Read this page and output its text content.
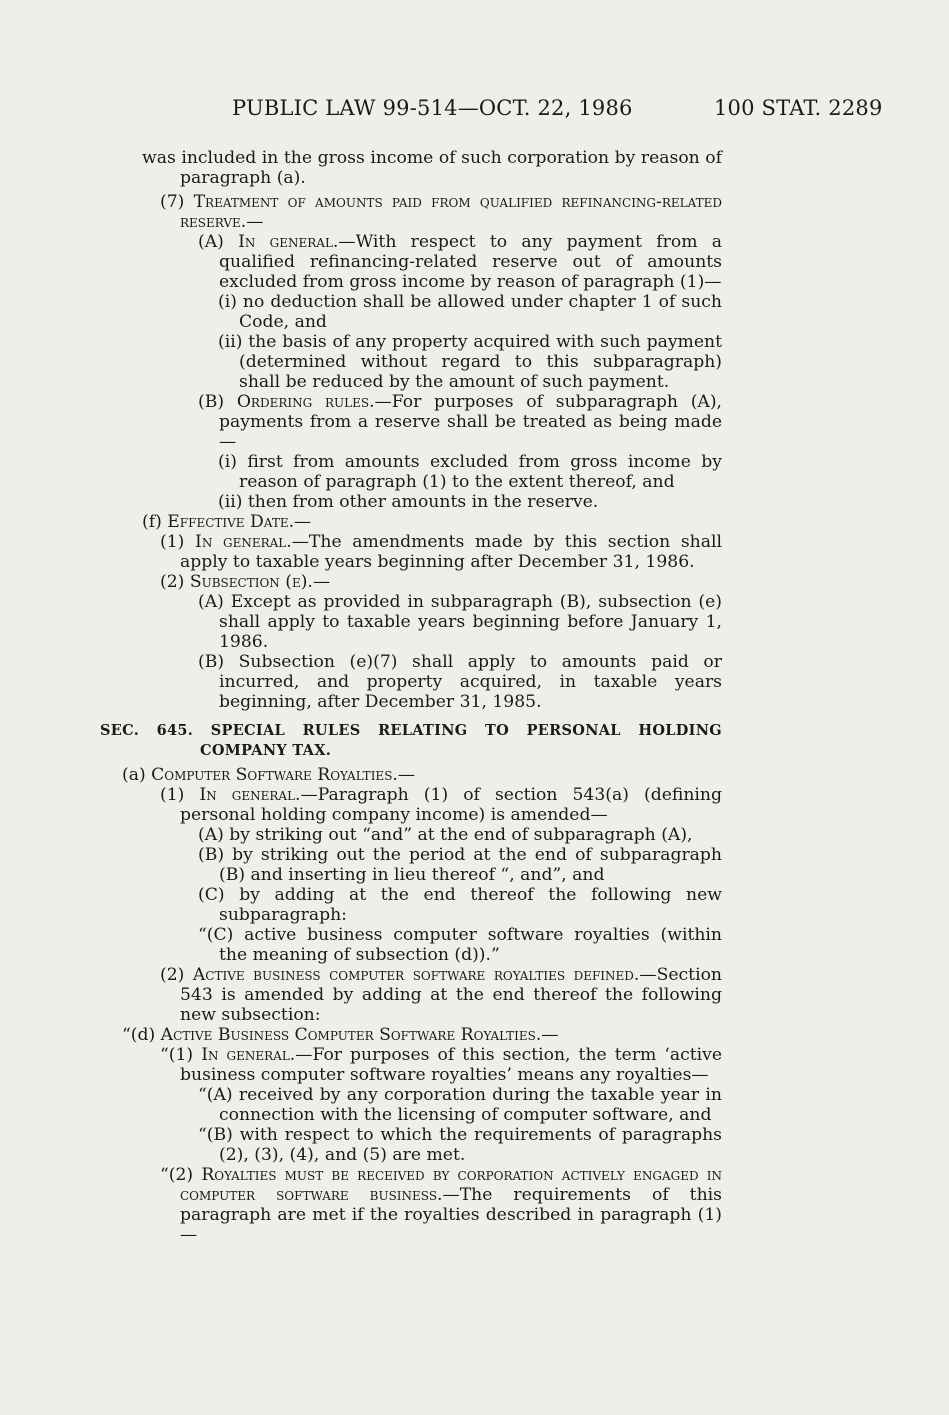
PUBLIC LAW 99-514—OCT. 22, 1986	100 STAT. 2289

was included in the gross income of such corporation by reason of paragraph (a).

(7) Treatment of amounts paid from qualified refinancing-related reserve.—

(A) In general.—With respect to any payment from a qualified refinancing-related reserve out of amounts excluded from gross income by reason of paragraph (1)—

(i) no deduction shall be allowed under chapter 1 of such Code, and

(ii) the basis of any property acquired with such payment (determined without regard to this subparagraph) shall be reduced by the amount of such payment.

(B) Ordering rules.—For purposes of subparagraph (A), payments from a reserve shall be treated as being made—

(i) first from amounts excluded from gross income by reason of paragraph (1) to the extent thereof, and

(ii) then from other amounts in the reserve.

(f) Effective Date.—

(1) In general.—The amendments made by this section shall apply to taxable years beginning after December 31, 1986.

(2) Subsection (e).—

(A) Except as provided in subparagraph (B), subsection (e) shall apply to taxable years beginning before January 1, 1986.

(B) Subsection (e)(7) shall apply to amounts paid or incurred, and property acquired, in taxable years beginning, after December 31, 1985.

SEC. 645. SPECIAL RULES RELATING TO PERSONAL HOLDING COMPANY TAX.

(a) Computer Software Royalties.—

(1) In general.—Paragraph (1) of section 543(a) (defining personal holding company income) is amended—

(A) by striking out “and” at the end of subparagraph (A),

(B) by striking out the period at the end of subparagraph (B) and inserting in lieu thereof “, and”, and

(C) by adding at the end thereof the following new subparagraph:

“(C) active business computer software royalties (within the meaning of subsection (d)).”

(2) Active business computer software royalties defined.—Section 543 is amended by adding at the end thereof the following new subsection:

“(d) Active Business Computer Software Royalties.—

“(1) In general.—For purposes of this section, the term ‘active business computer software royalties’ means any royalties—

“(A) received by any corporation during the taxable year in connection with the licensing of computer software, and

“(B) with respect to which the requirements of paragraphs (2), (3), (4), and (5) are met.

“(2) Royalties must be received by corporation actively engaged in computer software business.—The requirements of this paragraph are met if the royalties described in paragraph (1)—
